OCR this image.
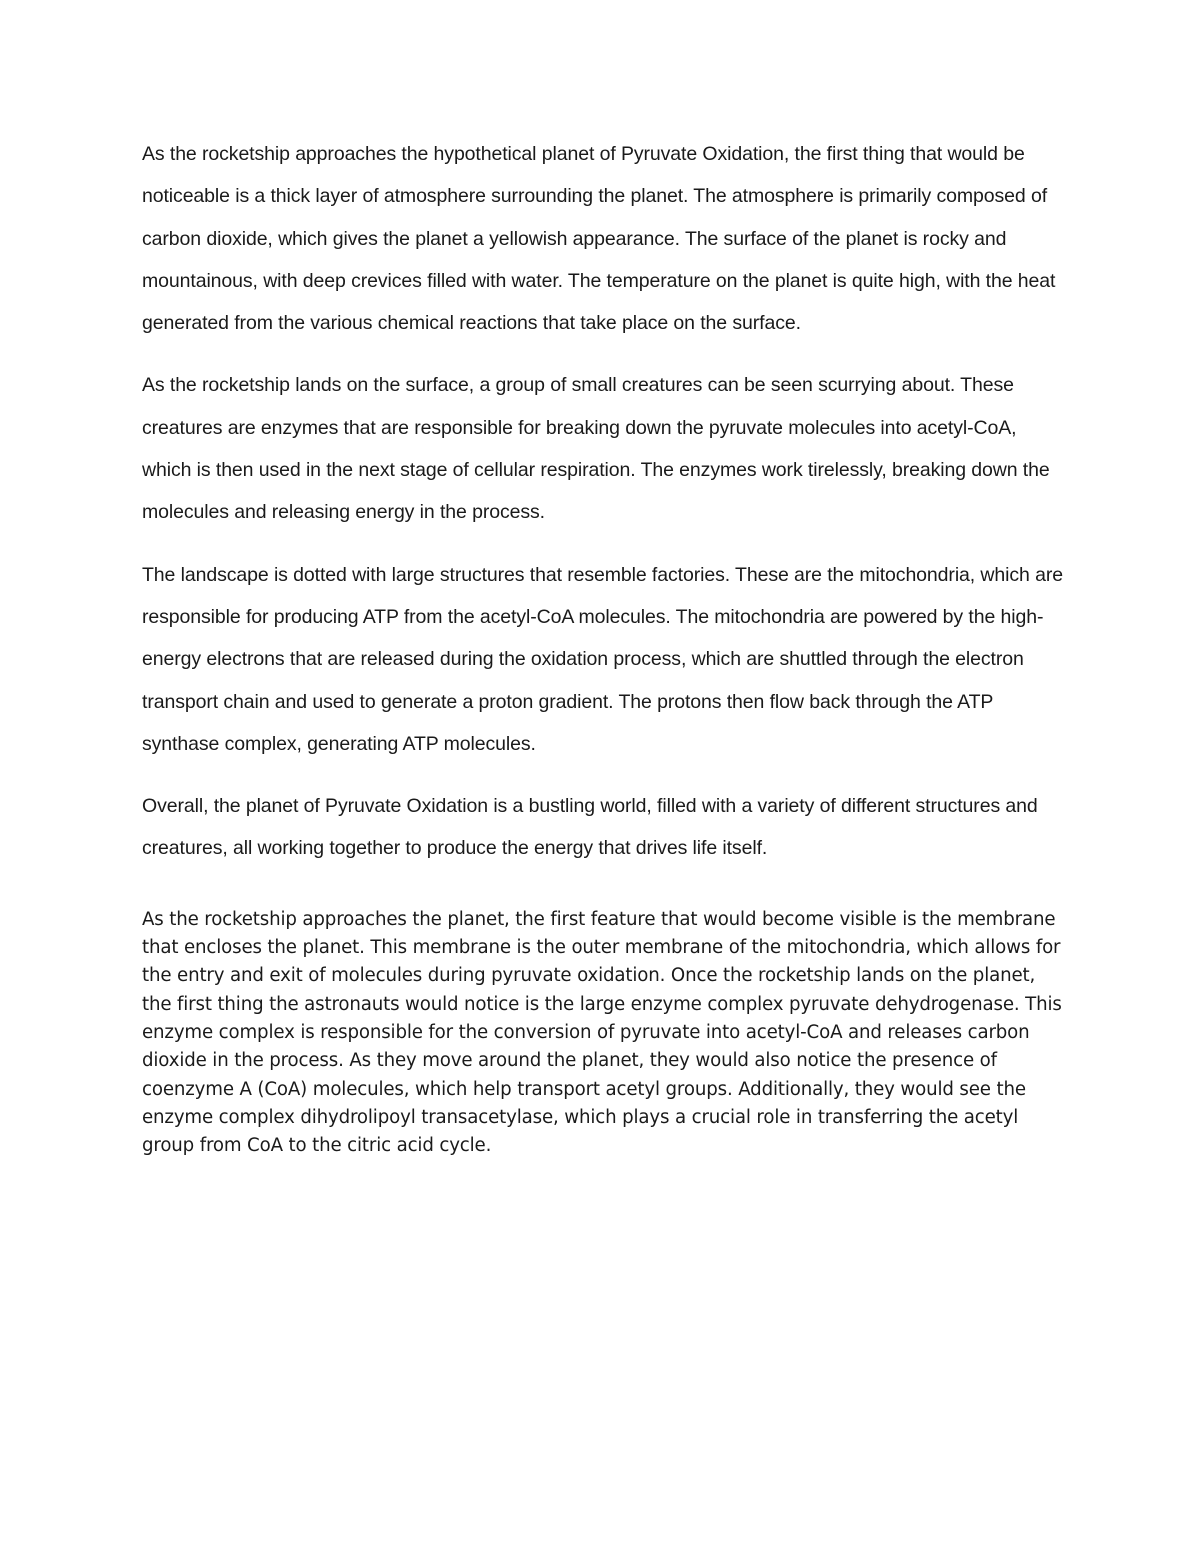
As the rocketship approaches the hypothetical planet of Pyruvate Oxidation, the first thing that would be noticeable is a thick layer of atmosphere surrounding the planet. The atmosphere is primarily composed of carbon dioxide, which gives the planet a yellowish appearance. The surface of the planet is rocky and mountainous, with deep crevices filled with water. The temperature on the planet is quite high, with the heat generated from the various chemical reactions that take place on the surface.

As the rocketship lands on the surface, a group of small creatures can be seen scurrying about. These creatures are enzymes that are responsible for breaking down the pyruvate molecules into acetyl-CoA, which is then used in the next stage of cellular respiration. The enzymes work tirelessly, breaking down the molecules and releasing energy in the process.

The landscape is dotted with large structures that resemble factories. These are the mitochondria, which are responsible for producing ATP from the acetyl-CoA molecules. The mitochondria are powered by the high-energy electrons that are released during the oxidation process, which are shuttled through the electron transport chain and used to generate a proton gradient. The protons then flow back through the ATP synthase complex, generating ATP molecules.

Overall, the planet of Pyruvate Oxidation is a bustling world, filled with a variety of different structures and creatures, all working together to produce the energy that drives life itself.

As the rocketship approaches the planet, the first feature that would become visible is the membrane that encloses the planet. This membrane is the outer membrane of the mitochondria, which allows for the entry and exit of molecules during pyruvate oxidation. Once the rocketship lands on the planet, the first thing the astronauts would notice is the large enzyme complex pyruvate dehydrogenase. This enzyme complex is responsible for the conversion of pyruvate into acetyl-CoA and releases carbon dioxide in the process. As they move around the planet, they would also notice the presence of coenzyme A (CoA) molecules, which help transport acetyl groups. Additionally, they would see the enzyme complex dihydrolipoyl transacetylase, which plays a crucial role in transferring the acetyl group from CoA to the citric acid cycle.
